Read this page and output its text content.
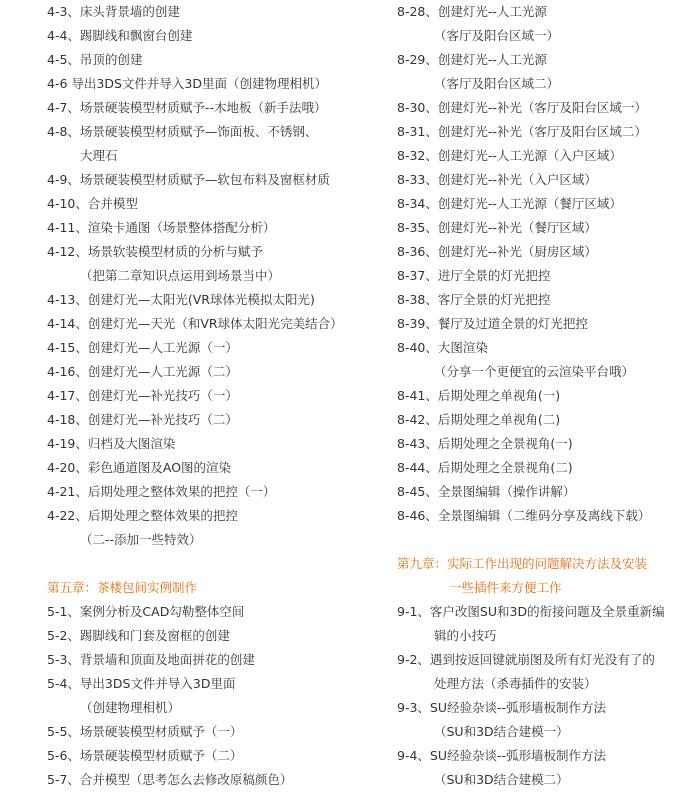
4-3、床头背景墙的创建
4-4、踢脚线和飘窗台创建
4-5、吊顶的创建
4-6 导出3DS文件并导入3D里面（创建物理相机）
4-7、场景硬装模型材质赋予--木地板（新手法哦）
4-8、场景硬装模型材质赋予—饰面板、不锈钢、
大理石
4-9、场景硬装模型材质赋予—软包布料及窗框材质
4-10、合并模型
4-11、渲染卡通图（场景整体搭配分析）
4-12、场景软装模型材质的分析与赋予
（把第二章知识点运用到场景当中）
4-13、创建灯光—太阳光(VR球体光模拟太阳光)
4-14、创建灯光—天光（和VR球体太阳光完美结合）
4-15、创建灯光—人工光源（一）
4-16、创建灯光—人工光源（二）
4-17、创建灯光—补光技巧（一）
4-18、创建灯光—补光技巧（二）
4-19、归档及大图渲染
4-20、彩色通道图及AO图的渲染
4-21、后期处理之整体效果的把控（一）
4-22、后期处理之整体效果的把控
（二--添加一些特效）
第五章：茶楼包间实例制作
5-1、案例分析及CAD勾勒整体空间
5-2、踢脚线和门套及窗框的创建
5-3、背景墙和顶面及地面拼花的创建
5-4、导出3DS文件并导入3D里面
（创建物理相机）
5-5、场景硬装模型材质赋予（一）
5-6、场景硬装模型材质赋予（二）
5-7、合并模型（思考怎么去修改原稿颜色）
8-28、创建灯光--人工光源
（客厅及阳台区域一）
8-29、创建灯光--人工光源
（客厅及阳台区域二）
8-30、创建灯光--补光（客厅及阳台区域一）
8-31、创建灯光--补光（客厅及阳台区域二）
8-32、创建灯光--人工光源（入户区域）
8-33、创建灯光--补光（入户区域）
8-34、创建灯光--人工光源（餐厅区域）
8-35、创建灯光--补光（餐厅区域）
8-36、创建灯光--补光（厨房区域）
8-37、进厅全景的灯光把控
8-38、客厅全景的灯光把控
8-39、餐厅及过道全景的灯光把控
8-40、大图渲染
（分享一个更便宜的云渲染平台哦）
8-41、后期处理之单视角(一)
8-42、后期处理之单视角(二)
8-43、后期处理之全景视角(一)
8-44、后期处理之全景视角(二)
8-45、全景图编辑（操作讲解）
8-46、全景图编辑（二维码分享及离线下载）
第九章：实际工作出现的问题解决方法及安装
一些插件来方便工作
9-1、客户改图SU和3D的衔接问题及全景重新编
辑的小技巧
9-2、遇到按返回键就崩图及所有灯光没有了的
处理方法（杀毒插件的安装）
9-3、SU经验杂谈--弧形墙板制作方法
（SU和3D结合建模一）
9-4、SU经验杂谈--弧形墙板制作方法
（SU和3D结合建模二）
